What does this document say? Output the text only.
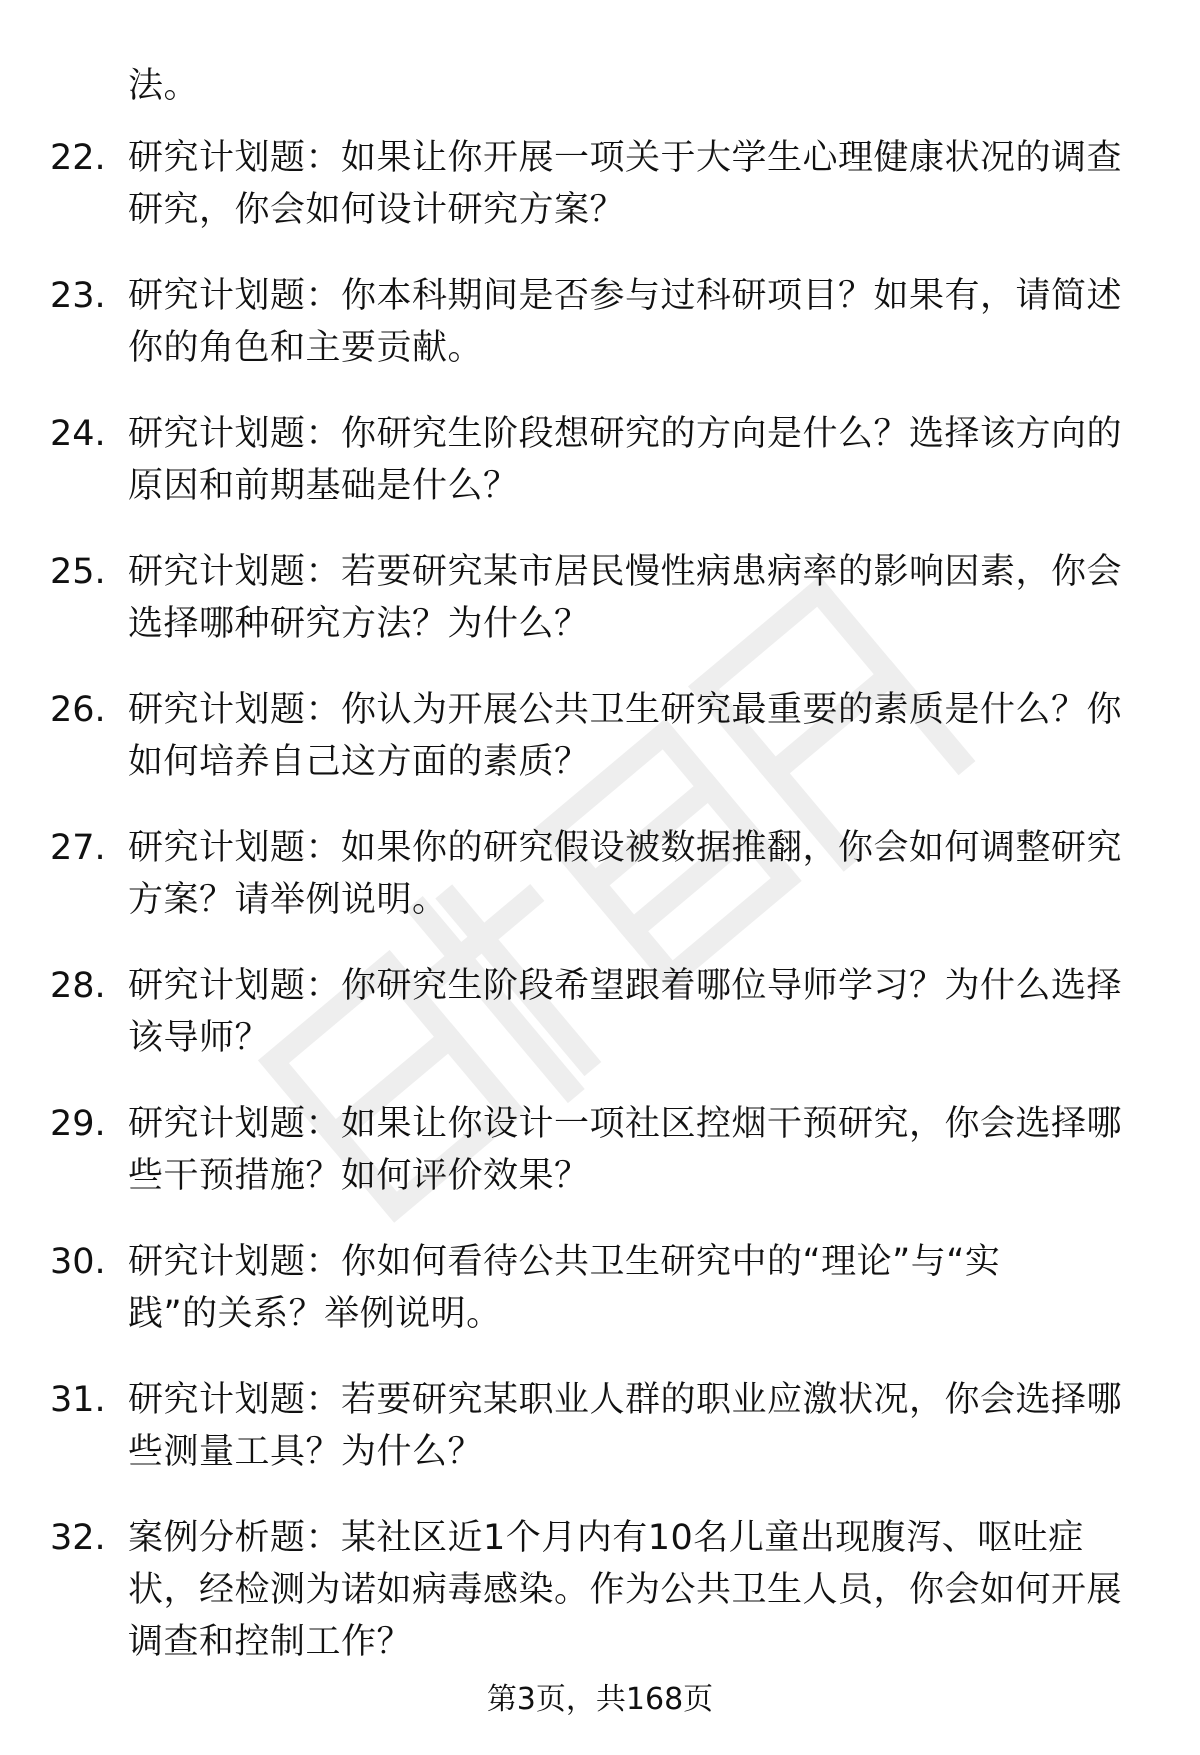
法。
22. 研究计划题：如果让你开展一项关于大学生心理健康状况的调查
研究，你会如何设计研究方案？
23. 研究计划题：你本科期间是否参与过科研项目？如果有，请简述
你的角色和主要贡献。
24. 研究计划题：你研究生阶段想研究的方向是什么？选择该方向的
原因和前期基础是什么？
25. 研究计划题：若要研究某市居民慢性病患病率的影响因素，你会
选择哪种研究方法？为什么？
26. 研究计划题：你认为开展公共卫生研究最重要的素质是什么？你
如何培养自己这方面的素质？
27. 研究计划题：如果你的研究假设被数据推翻，你会如何调整研究
方案？请举例说明。
28. 研究计划题：你研究生阶段希望跟着哪位导师学习？为什么选择
该导师？
29. 研究计划题：如果让你设计一项社区控烟干预研究，你会选择哪
些干预措施？如何评价效果？
30. 研究计划题：你如何看待公共卫生研究中的“理论”与“实
践”的关系？举例说明。
31. 研究计划题：若要研究某职业人群的职业应激状况，你会选择哪
些测量工具？为什么？
32. 案例分析题：某社区近1个月内有10名儿童出现腹泻、呕吐症
状，经检测为诺如病毒感染。作为公共卫生人员，你会如何开展
调查和控制工作？
第3页，共168页
